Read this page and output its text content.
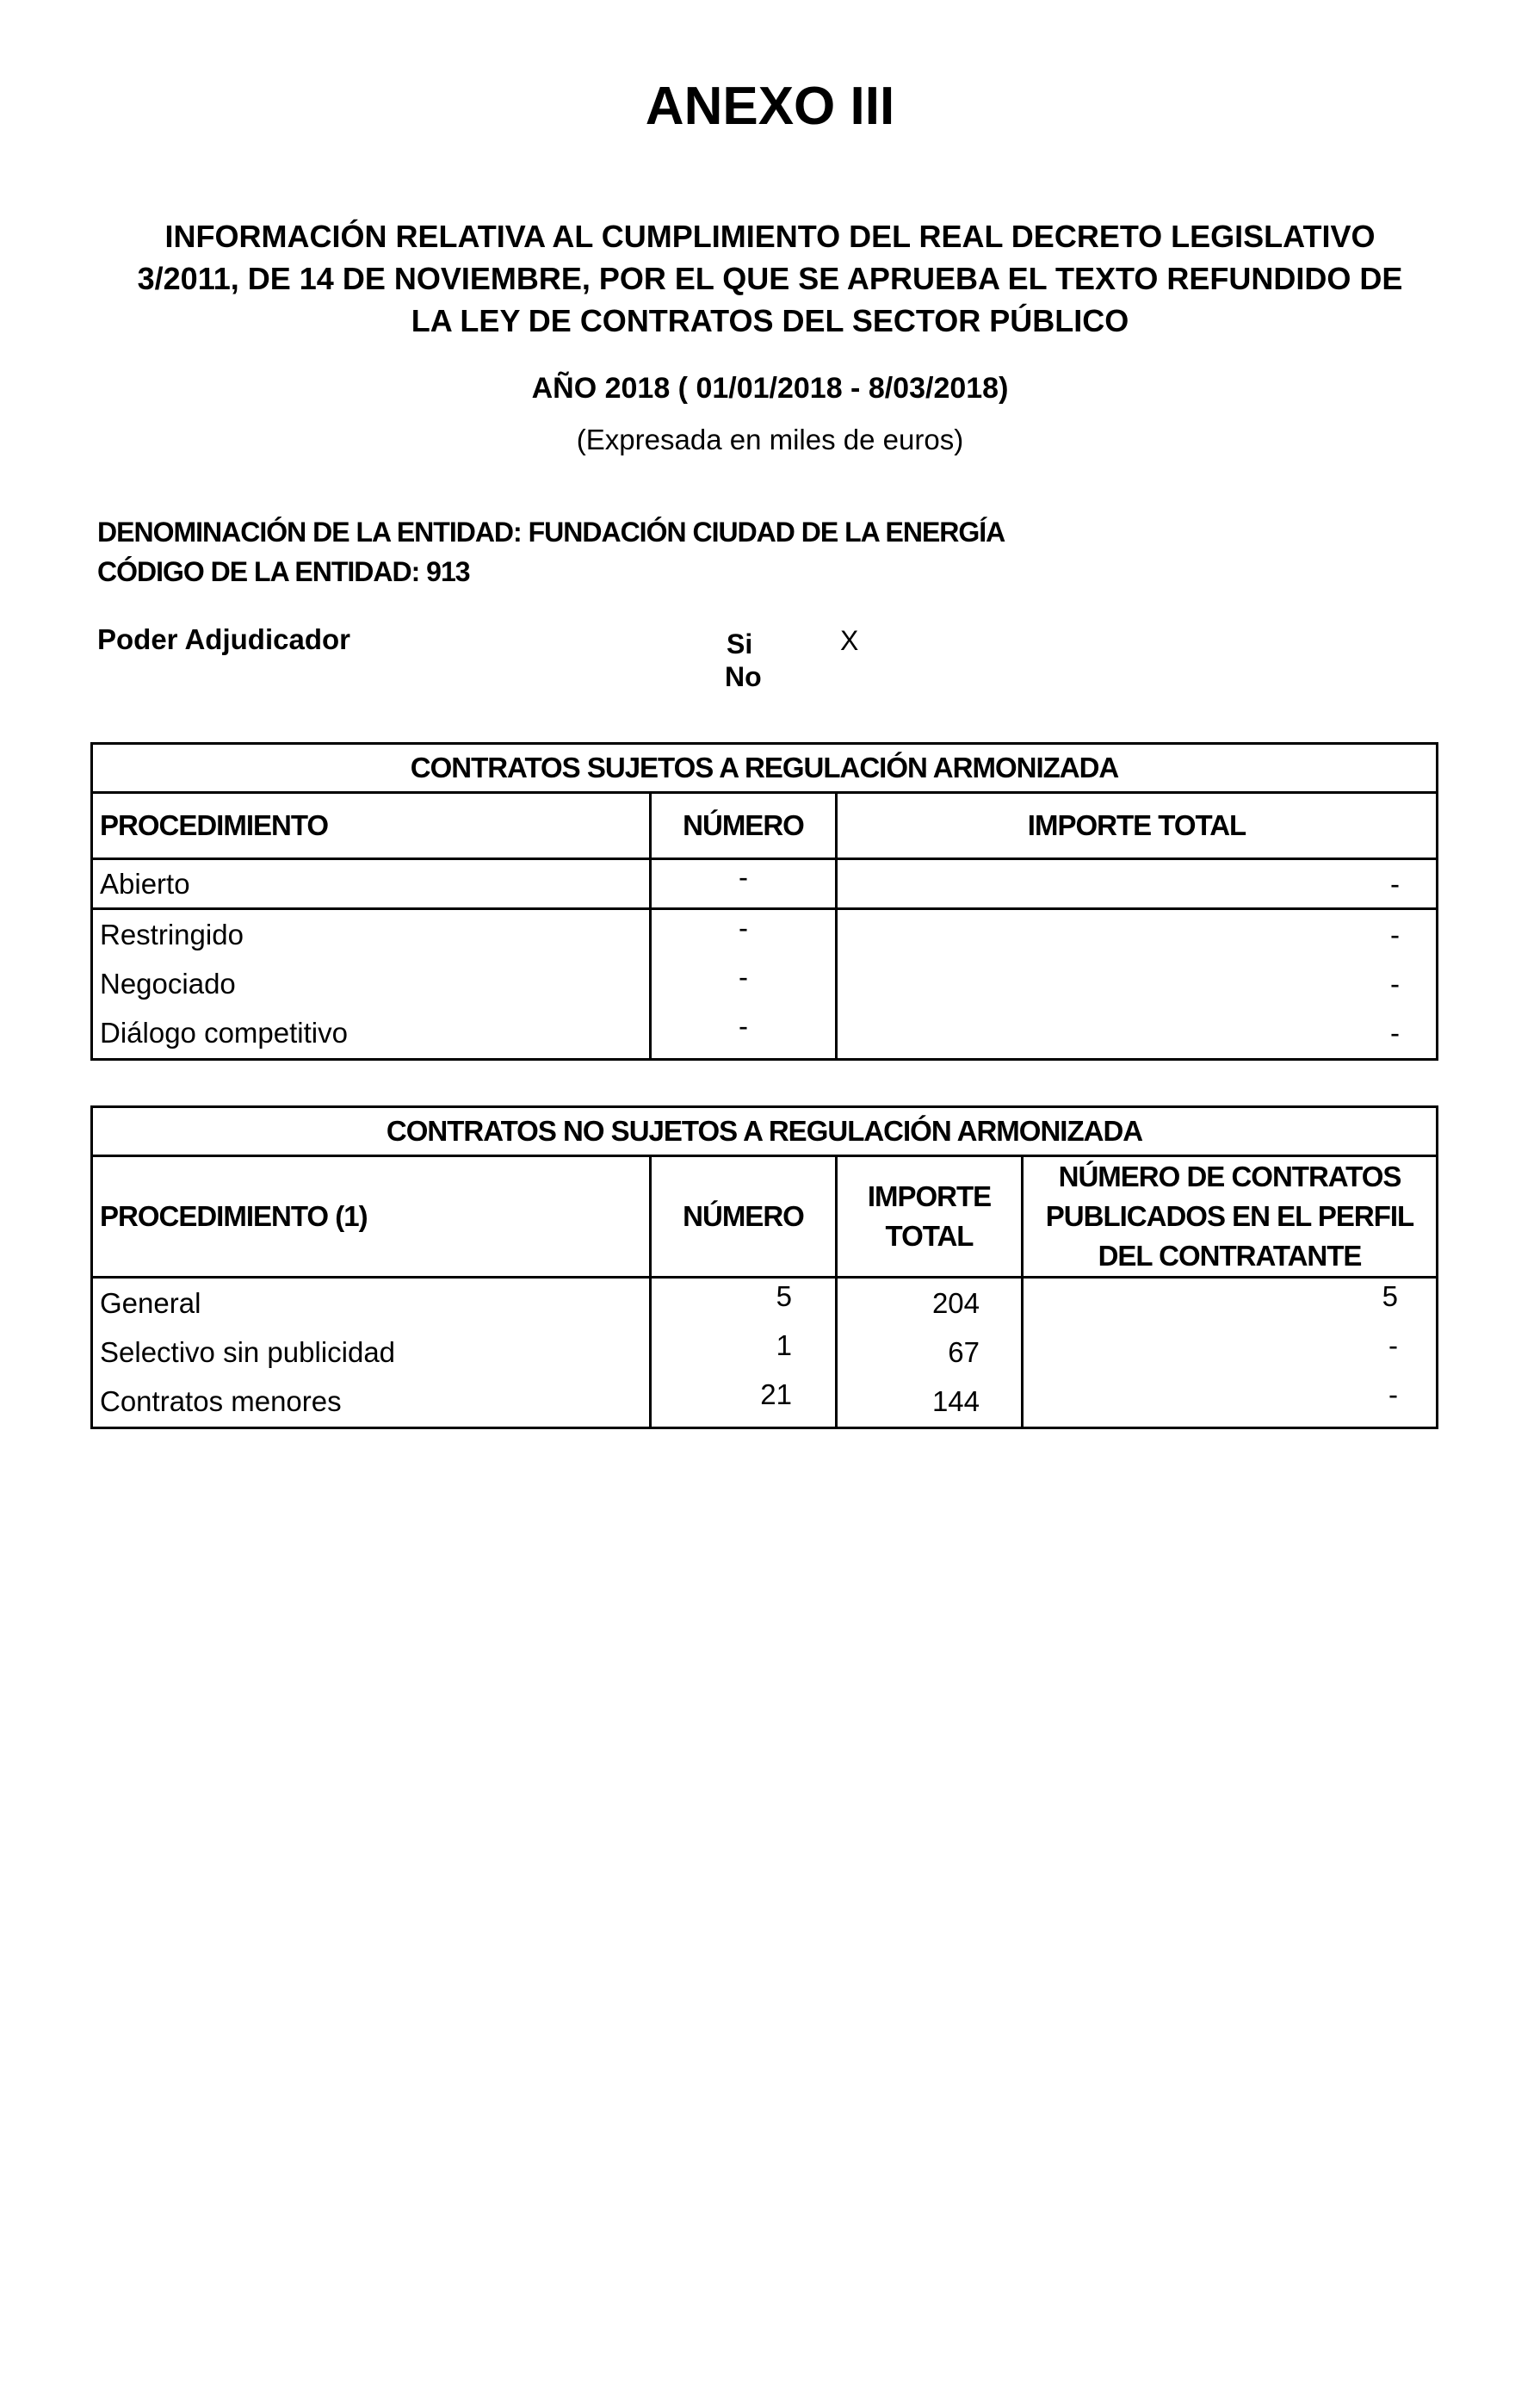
ANEXO III
INFORMACIÓN RELATIVA AL CUMPLIMIENTO DEL REAL DECRETO LEGISLATIVO
3/2011, DE 14 DE NOVIEMBRE, POR EL QUE SE APRUEBA EL TEXTO REFUNDIDO DE
LA LEY DE CONTRATOS DEL SECTOR PÚBLICO
AÑO 2018 ( 01/01/2018 - 8/03/2018)
(Expresada en miles de euros)
DENOMINACIÓN DE LA ENTIDAD: FUNDACIÓN CIUDAD DE LA ENERGÍA
CÓDIGO DE LA ENTIDAD: 913
Poder Adjudicador	Si
No
X
CONTRATOS SUJETOS A REGULACIÓN ARMONIZADA		
PROCEDIMIENTO	NÚMERO	IMPORTE TOTAL
Abierto	-	-
Restringido	-	-
Negociado	-	-
Diálogo competitivo	-	-
CONTRATOS NO SUJETOS A REGULACIÓN ARMONIZADA			
PROCEDIMIENTO (1)	NÚMERO	IMPORTE TOTAL	NÚMERO DE CONTRATOS PUBLICADOS EN EL PERFIL DEL CONTRATANTE
General	5	204	5
Selectivo sin publicidad	1	67	-
Contratos menores	21	144	-
